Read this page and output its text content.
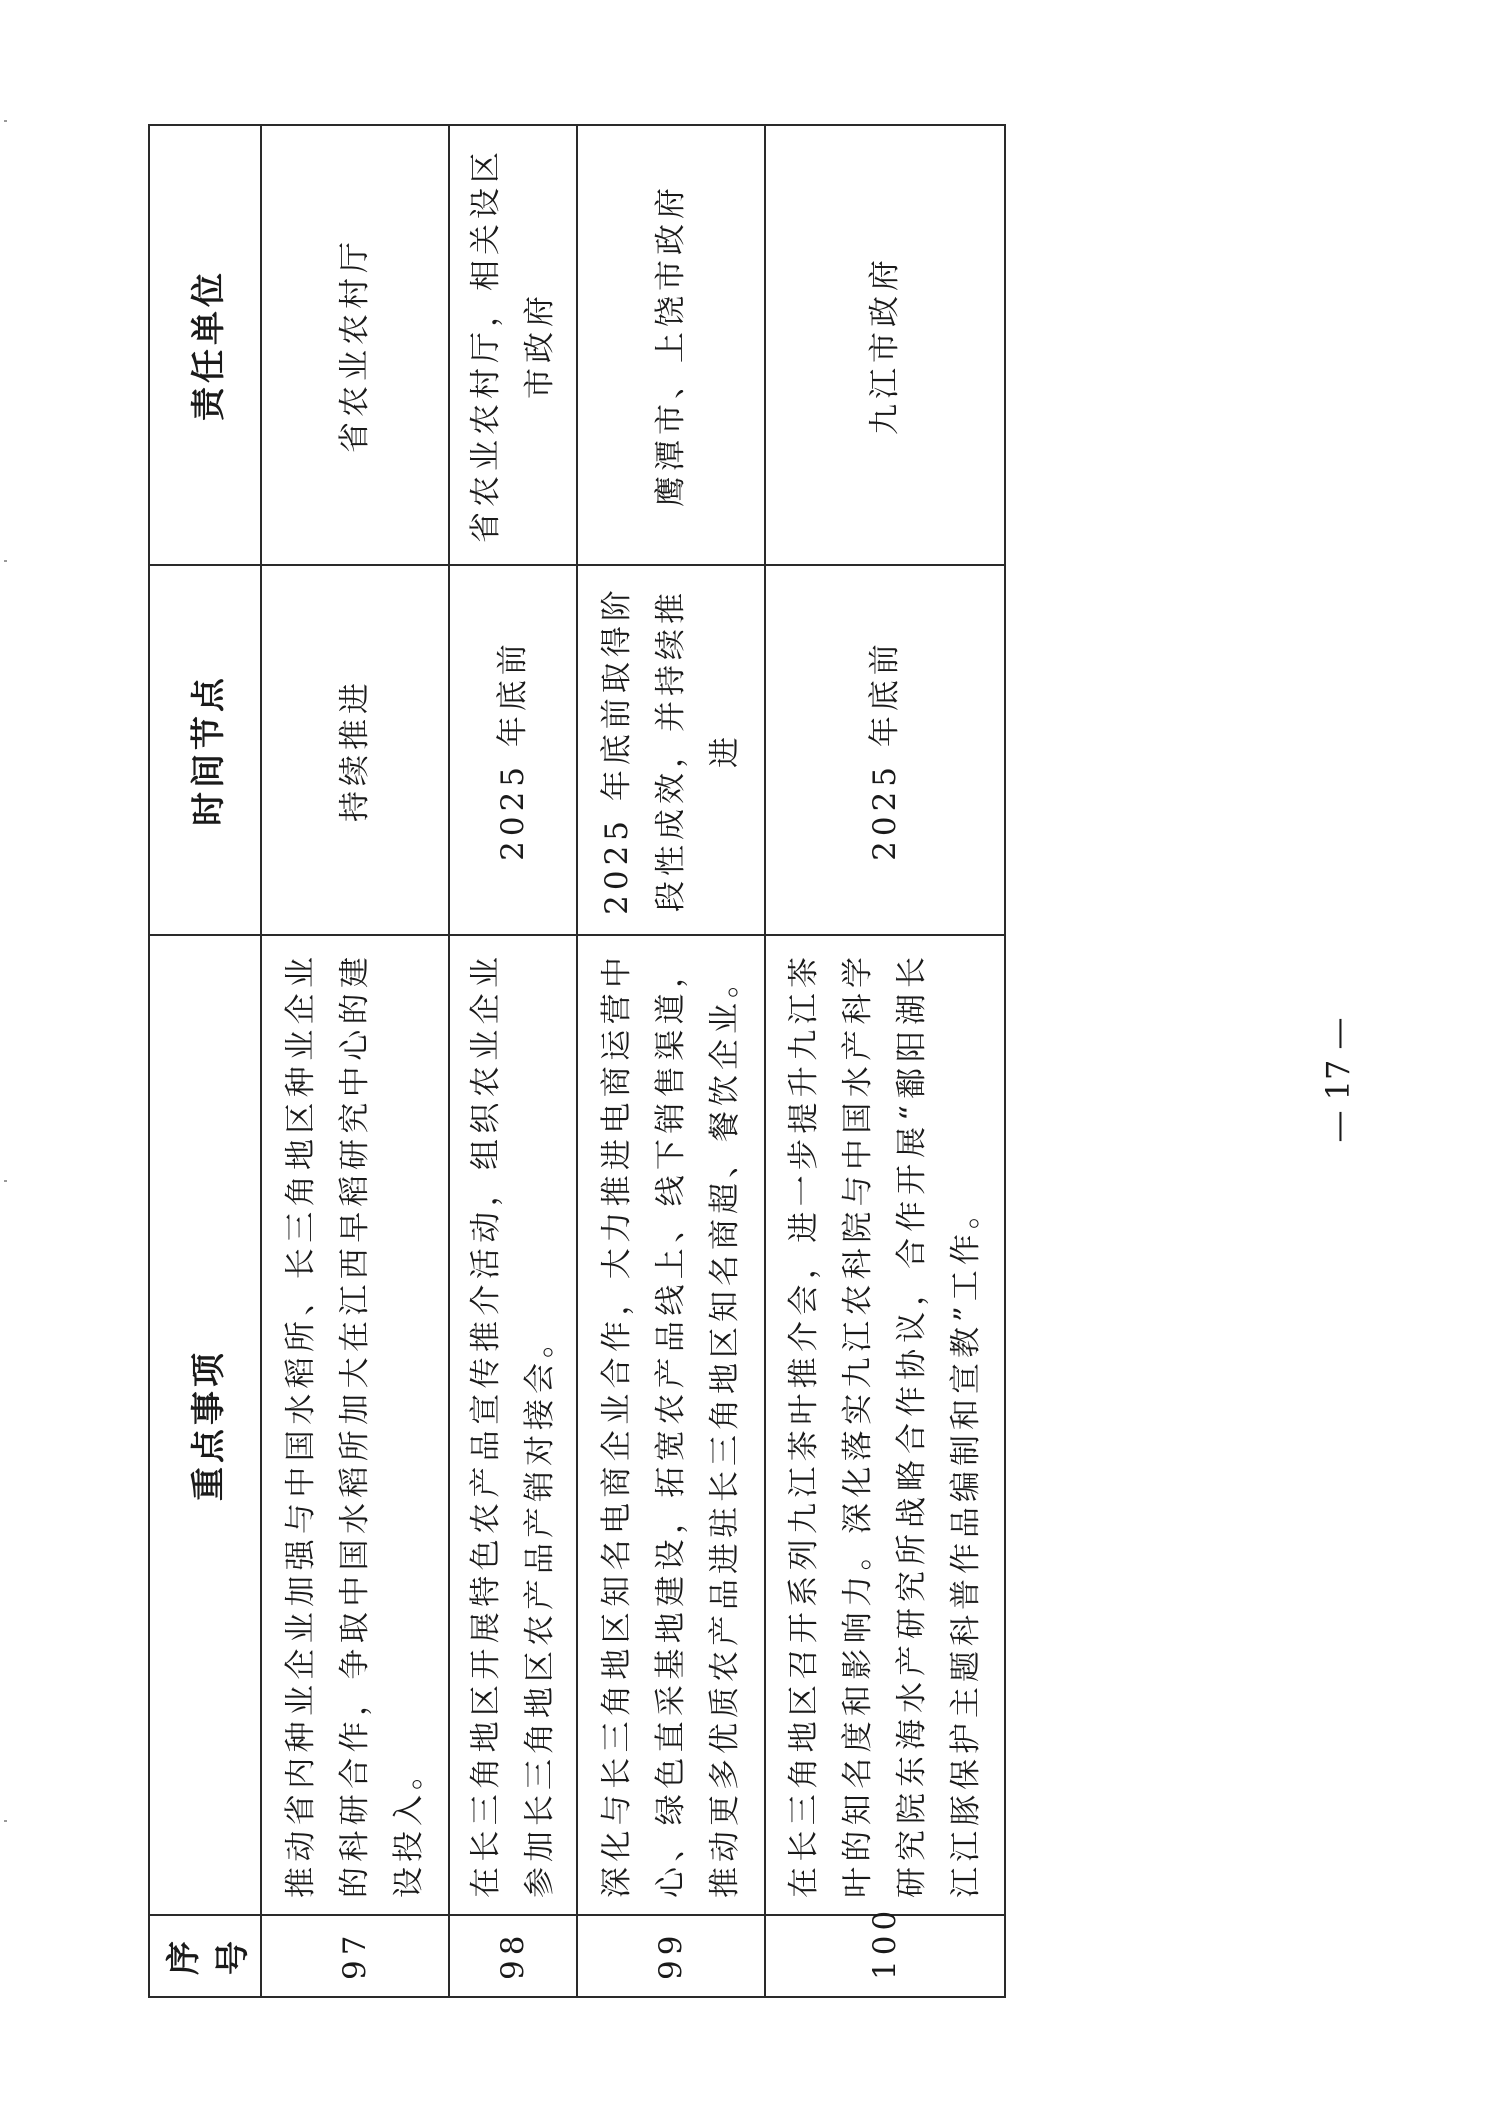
序号	重点事项	时间节点	责任单位
97	推动省内种业企业加强与中国水稻所、长三角地区种业企业的科研合作，争取中国水稻所加大在江西早稻研究中心的建设投入。	持续推进	省农业农村厅
98	在长三角地区开展特色农产品宣传推介活动，组织农业企业参加长三角地区农产品产销对接会。	2025 年底前	省农业农村厅，相关设区市政府
99	深化与长三角地区知名电商企业合作，大力推进电商运营中心、绿色直采基地建设，拓宽农产品线上、线下销售渠道，推动更多优质农产品进驻长三角地区知名商超、餐饮企业。	2025 年底前取得阶段性成效，并持续推进	鹰潭市、上饶市政府
100	在长三角地区召开系列九江茶叶推介会，进一步提升九江茶叶的知名度和影响力。深化落实九江农科院与中国水产科学研究院东海水产研究所战略合作协议，合作开展“鄱阳湖长江江豚保护主题科普作品编制和宣教”工作。	2025 年底前	九江市政府
— 17 —
